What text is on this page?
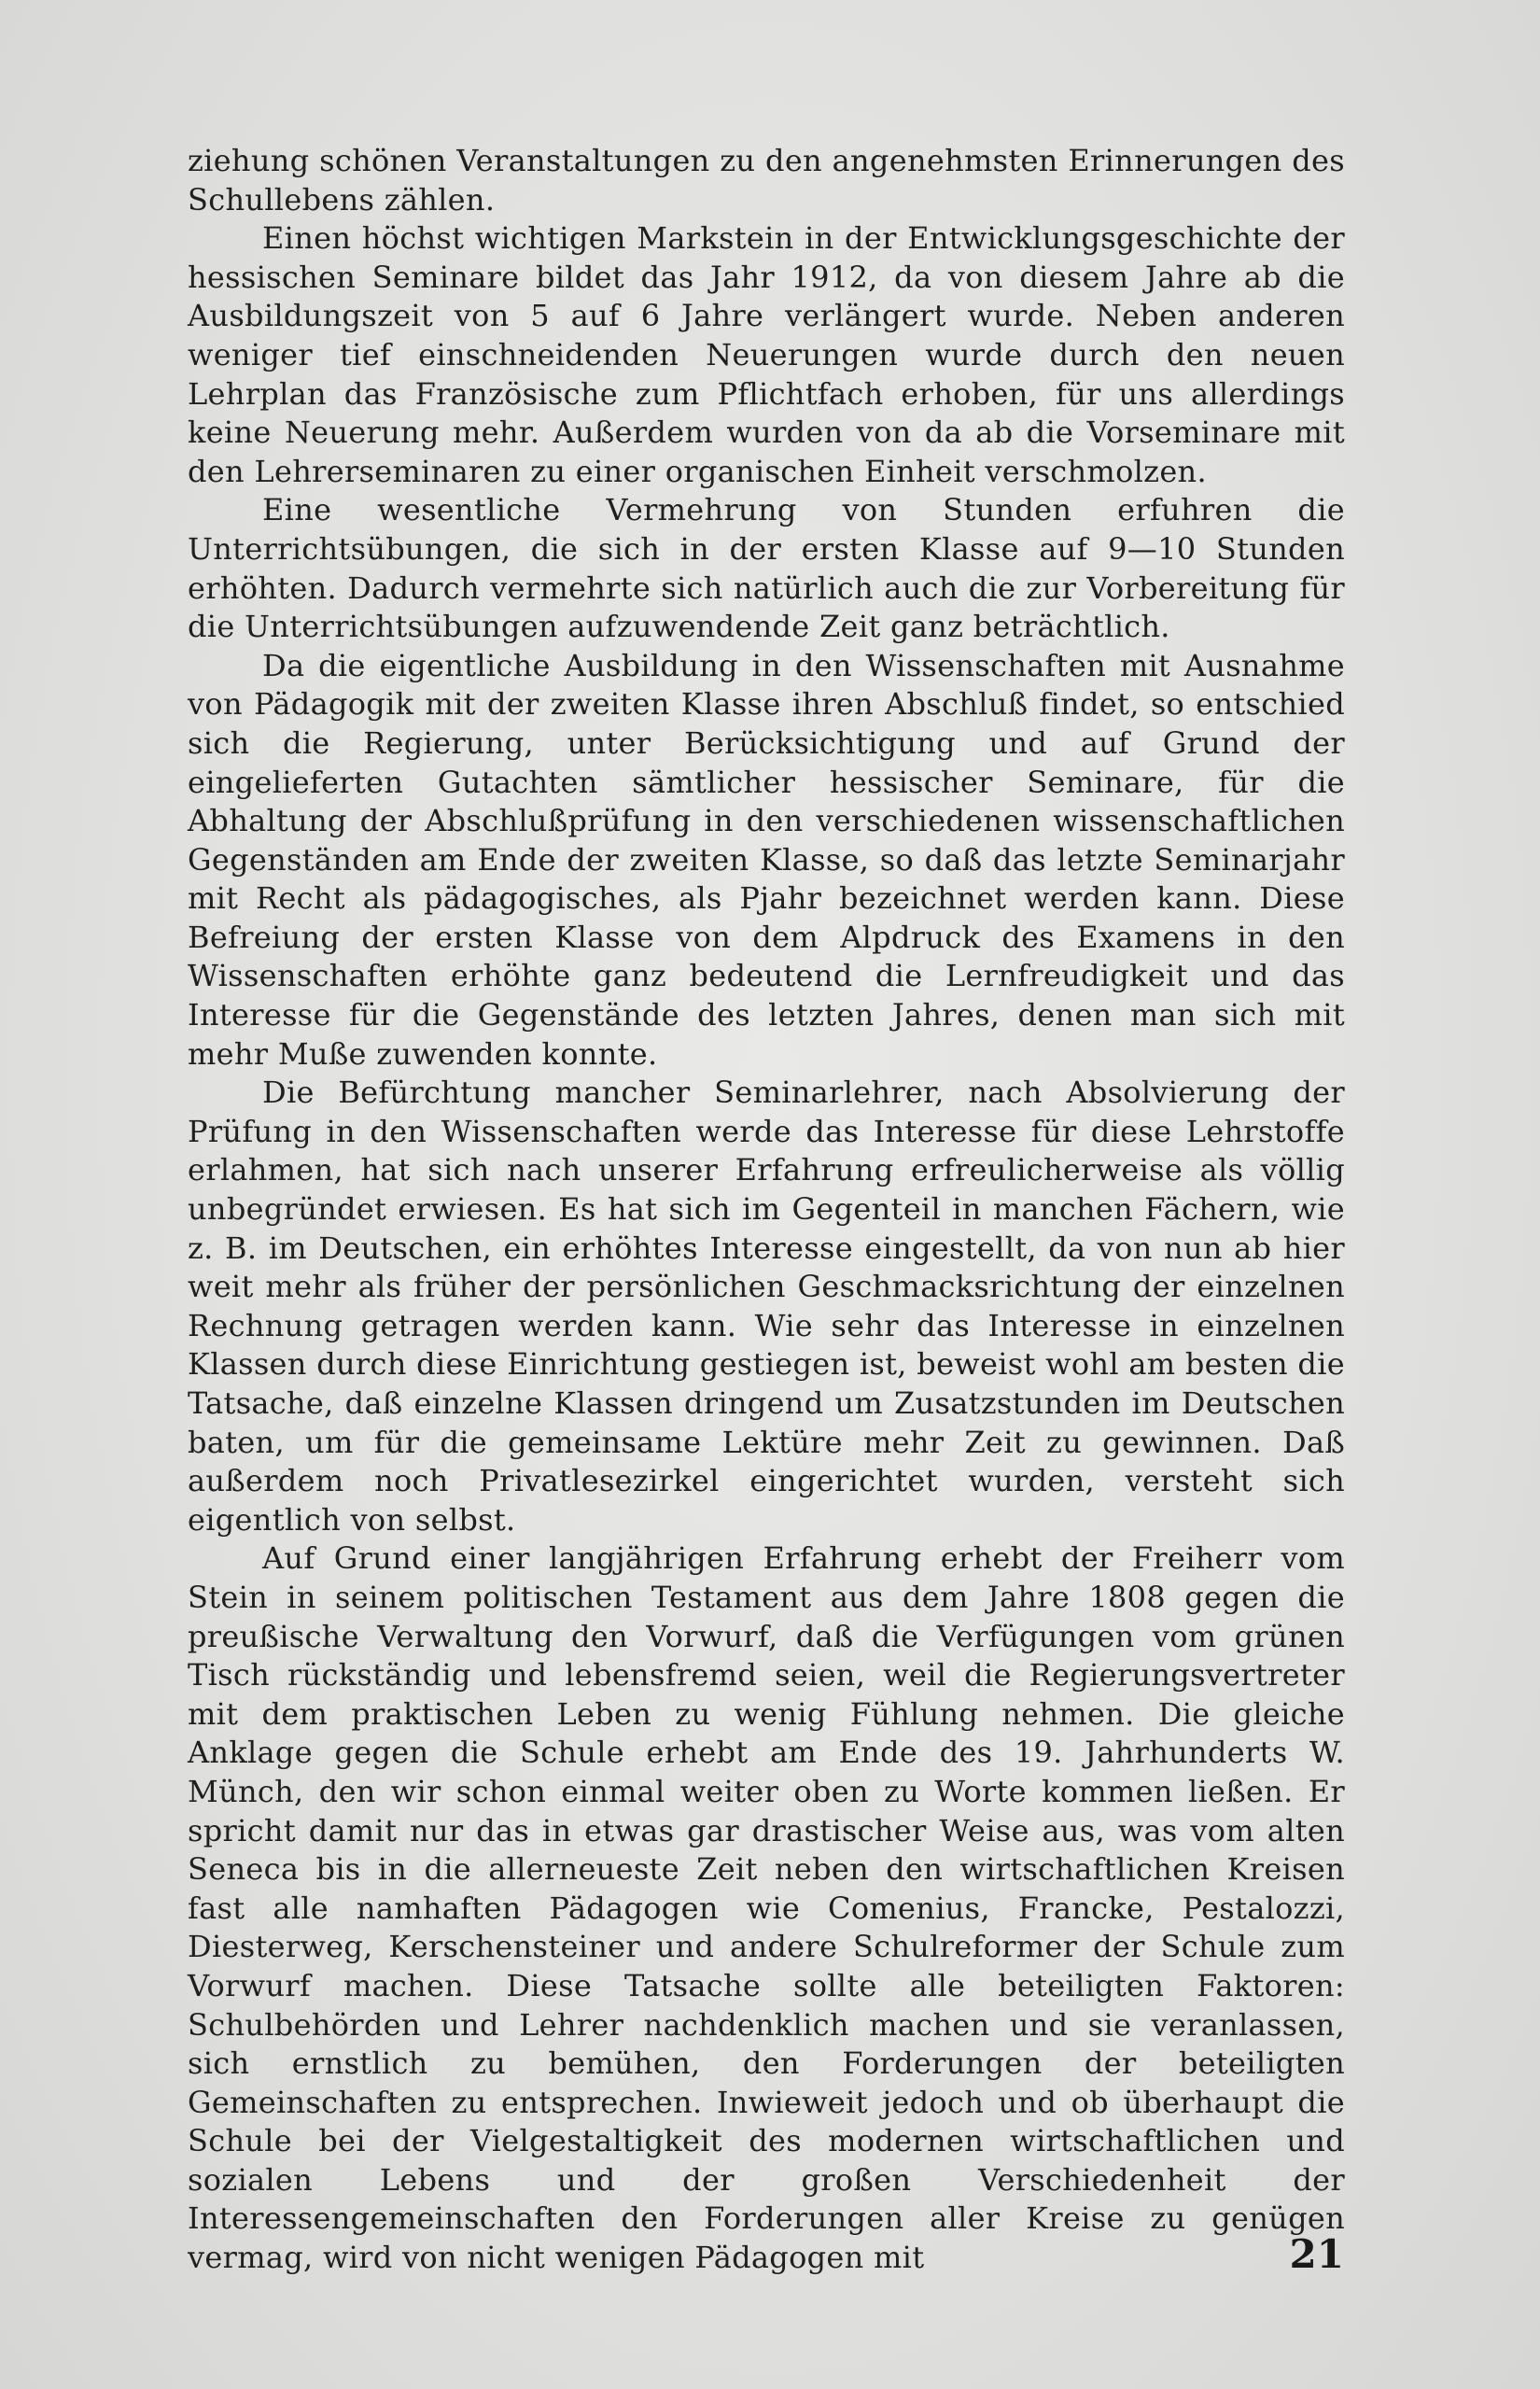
ziehung schönen Veranstaltungen zu den angenehmsten Erinnerungen des Schullebens zählen.

Einen höchst wichtigen Markstein in der Entwicklungsgeschichte der hessischen Seminare bildet das Jahr 1912, da von diesem Jahre ab die Ausbildungszeit von 5 auf 6 Jahre verlängert wurde. Neben anderen weniger tief einschneidenden Neuerungen wurde durch den neuen Lehrplan das Französische zum Pflichtfach erhoben, für uns allerdings keine Neuerung mehr. Außerdem wurden von da ab die Vorseminare mit den Lehrerseminaren zu einer organischen Einheit verschmolzen.

Eine wesentliche Vermehrung von Stunden erfuhren die Unterrichtsübungen, die sich in der ersten Klasse auf 9—10 Stunden erhöhten. Dadurch vermehrte sich natürlich auch die zur Vorbereitung für die Unterrichtsübungen aufzuwendende Zeit ganz beträchtlich.

Da die eigentliche Ausbildung in den Wissenschaften mit Ausnahme von Pädagogik mit der zweiten Klasse ihren Abschluß findet, so entschied sich die Regierung, unter Berücksichtigung und auf Grund der eingelieferten Gutachten sämtlicher hessischer Seminare, für die Abhaltung der Abschlußprüfung in den verschiedenen wissenschaftlichen Gegenständen am Ende der zweiten Klasse, so daß das letzte Seminarjahr mit Recht als pädagogisches, als Pjahr bezeichnet werden kann. Diese Befreiung der ersten Klasse von dem Alpdruck des Examens in den Wissenschaften erhöhte ganz bedeutend die Lernfreudigkeit und das Interesse für die Gegenstände des letzten Jahres, denen man sich mit mehr Muße zuwenden konnte.

Die Befürchtung mancher Seminarlehrer, nach Absolvierung der Prüfung in den Wissenschaften werde das Interesse für diese Lehrstoffe erlahmen, hat sich nach unserer Erfahrung erfreulicherweise als völlig unbegründet erwiesen. Es hat sich im Gegenteil in manchen Fächern, wie z. B. im Deutschen, ein erhöhtes Interesse eingestellt, da von nun ab hier weit mehr als früher der persönlichen Geschmacksrichtung der einzelnen Rechnung getragen werden kann. Wie sehr das Interesse in einzelnen Klassen durch diese Einrichtung gestiegen ist, beweist wohl am besten die Tatsache, daß einzelne Klassen dringend um Zusatzstunden im Deutschen baten, um für die gemeinsame Lektüre mehr Zeit zu gewinnen. Daß außerdem noch Privatlesezirkel eingerichtet wurden, versteht sich eigentlich von selbst.

Auf Grund einer langjährigen Erfahrung erhebt der Freiherr vom Stein in seinem politischen Testament aus dem Jahre 1808 gegen die preußische Verwaltung den Vorwurf, daß die Verfügungen vom grünen Tisch rückständig und lebensfremd seien, weil die Regierungsvertreter mit dem praktischen Leben zu wenig Fühlung nehmen. Die gleiche Anklage gegen die Schule erhebt am Ende des 19. Jahrhunderts W. Münch, den wir schon einmal weiter oben zu Worte kommen ließen. Er spricht damit nur das in etwas gar drastischer Weise aus, was vom alten Seneca bis in die allerneueste Zeit neben den wirtschaftlichen Kreisen fast alle namhaften Pädagogen wie Comenius, Francke, Pestalozzi, Diesterweg, Kerschensteiner und andere Schulreformer der Schule zum Vorwurf machen. Diese Tatsache sollte alle beteiligten Faktoren: Schulbehörden und Lehrer nachdenklich machen und sie veranlassen, sich ernstlich zu bemühen, den Forderungen der beteiligten Gemeinschaften zu entsprechen. Inwieweit jedoch und ob überhaupt die Schule bei der Vielgestaltigkeit des modernen wirtschaftlichen und sozialen Lebens und der großen Verschiedenheit der Interessengemeinschaften den Forderungen aller Kreise zu genügen vermag, wird von nicht wenigen Pädagogen mit	21
